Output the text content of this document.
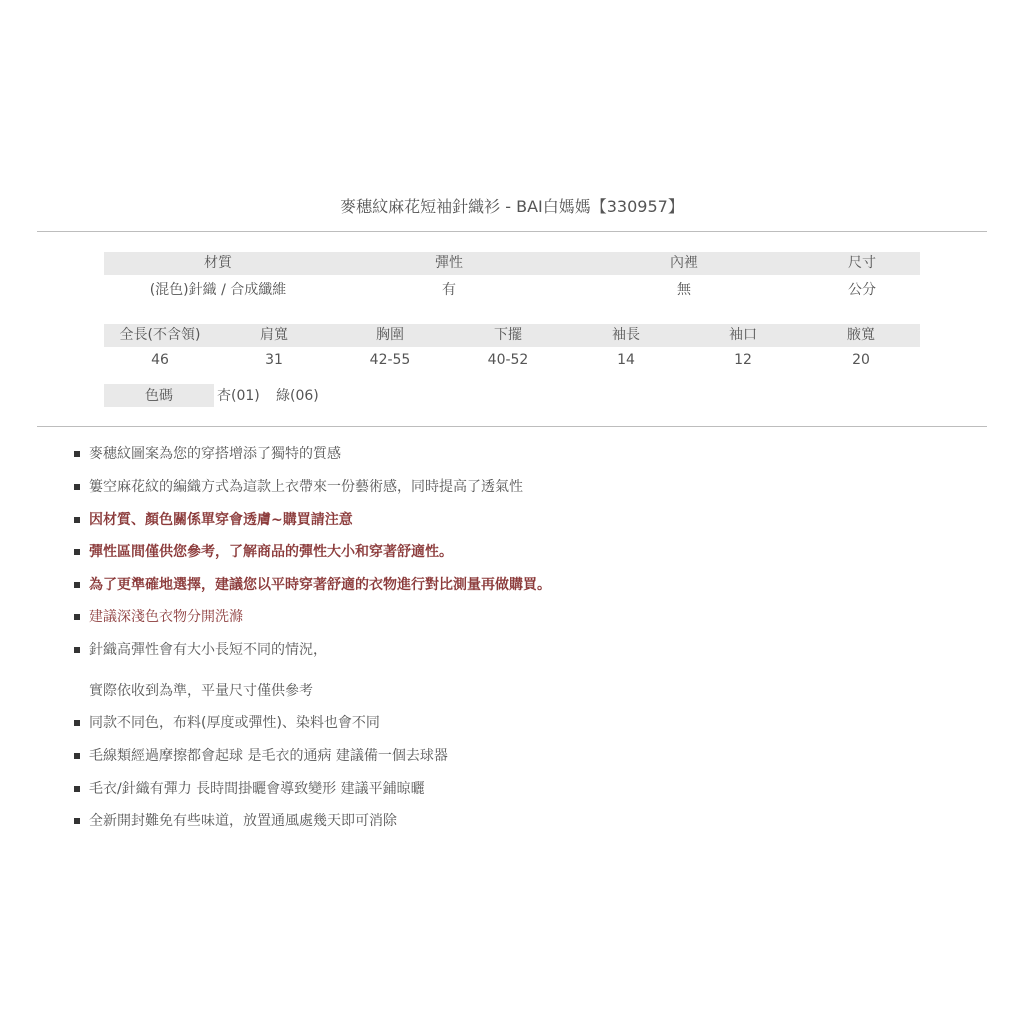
麥穗紋麻花短袖針織衫 - BAI白媽媽【330957】
材質	彈性	內裡	尺寸
(混色)針織 / 合成纖維	有	無	公分
全長(不含領)	肩寬	胸圍	下擺	袖長	袖口	腋寬
46	31	42-55	40-52	14	12	20
色碼	杏(01) 綠(06)
麥穗紋圖案為您的穿搭增添了獨特的質感
簍空麻花紋的編織方式為這款上衣帶來一份藝術感，同時提高了透氣性
因材質、顏色關係單穿會透膚~購買請注意
彈性區間僅供您參考，了解商品的彈性大小和穿著舒適性。
為了更準確地選擇，建議您以平時穿著舒適的衣物進行對比測量再做購買。
建議深淺色衣物分開洗滌
針織高彈性會有大小長短不同的情況，
實際依收到為準，平量尺寸僅供參考
同款不同色，布料(厚度或彈性)、染料也會不同
毛線類經過摩擦都會起球 是毛衣的通病 建議備一個去球器
毛衣/針織有彈力 長時間掛曬會導致變形 建議平鋪晾曬
全新開封難免有些味道，放置通風處幾天即可消除
